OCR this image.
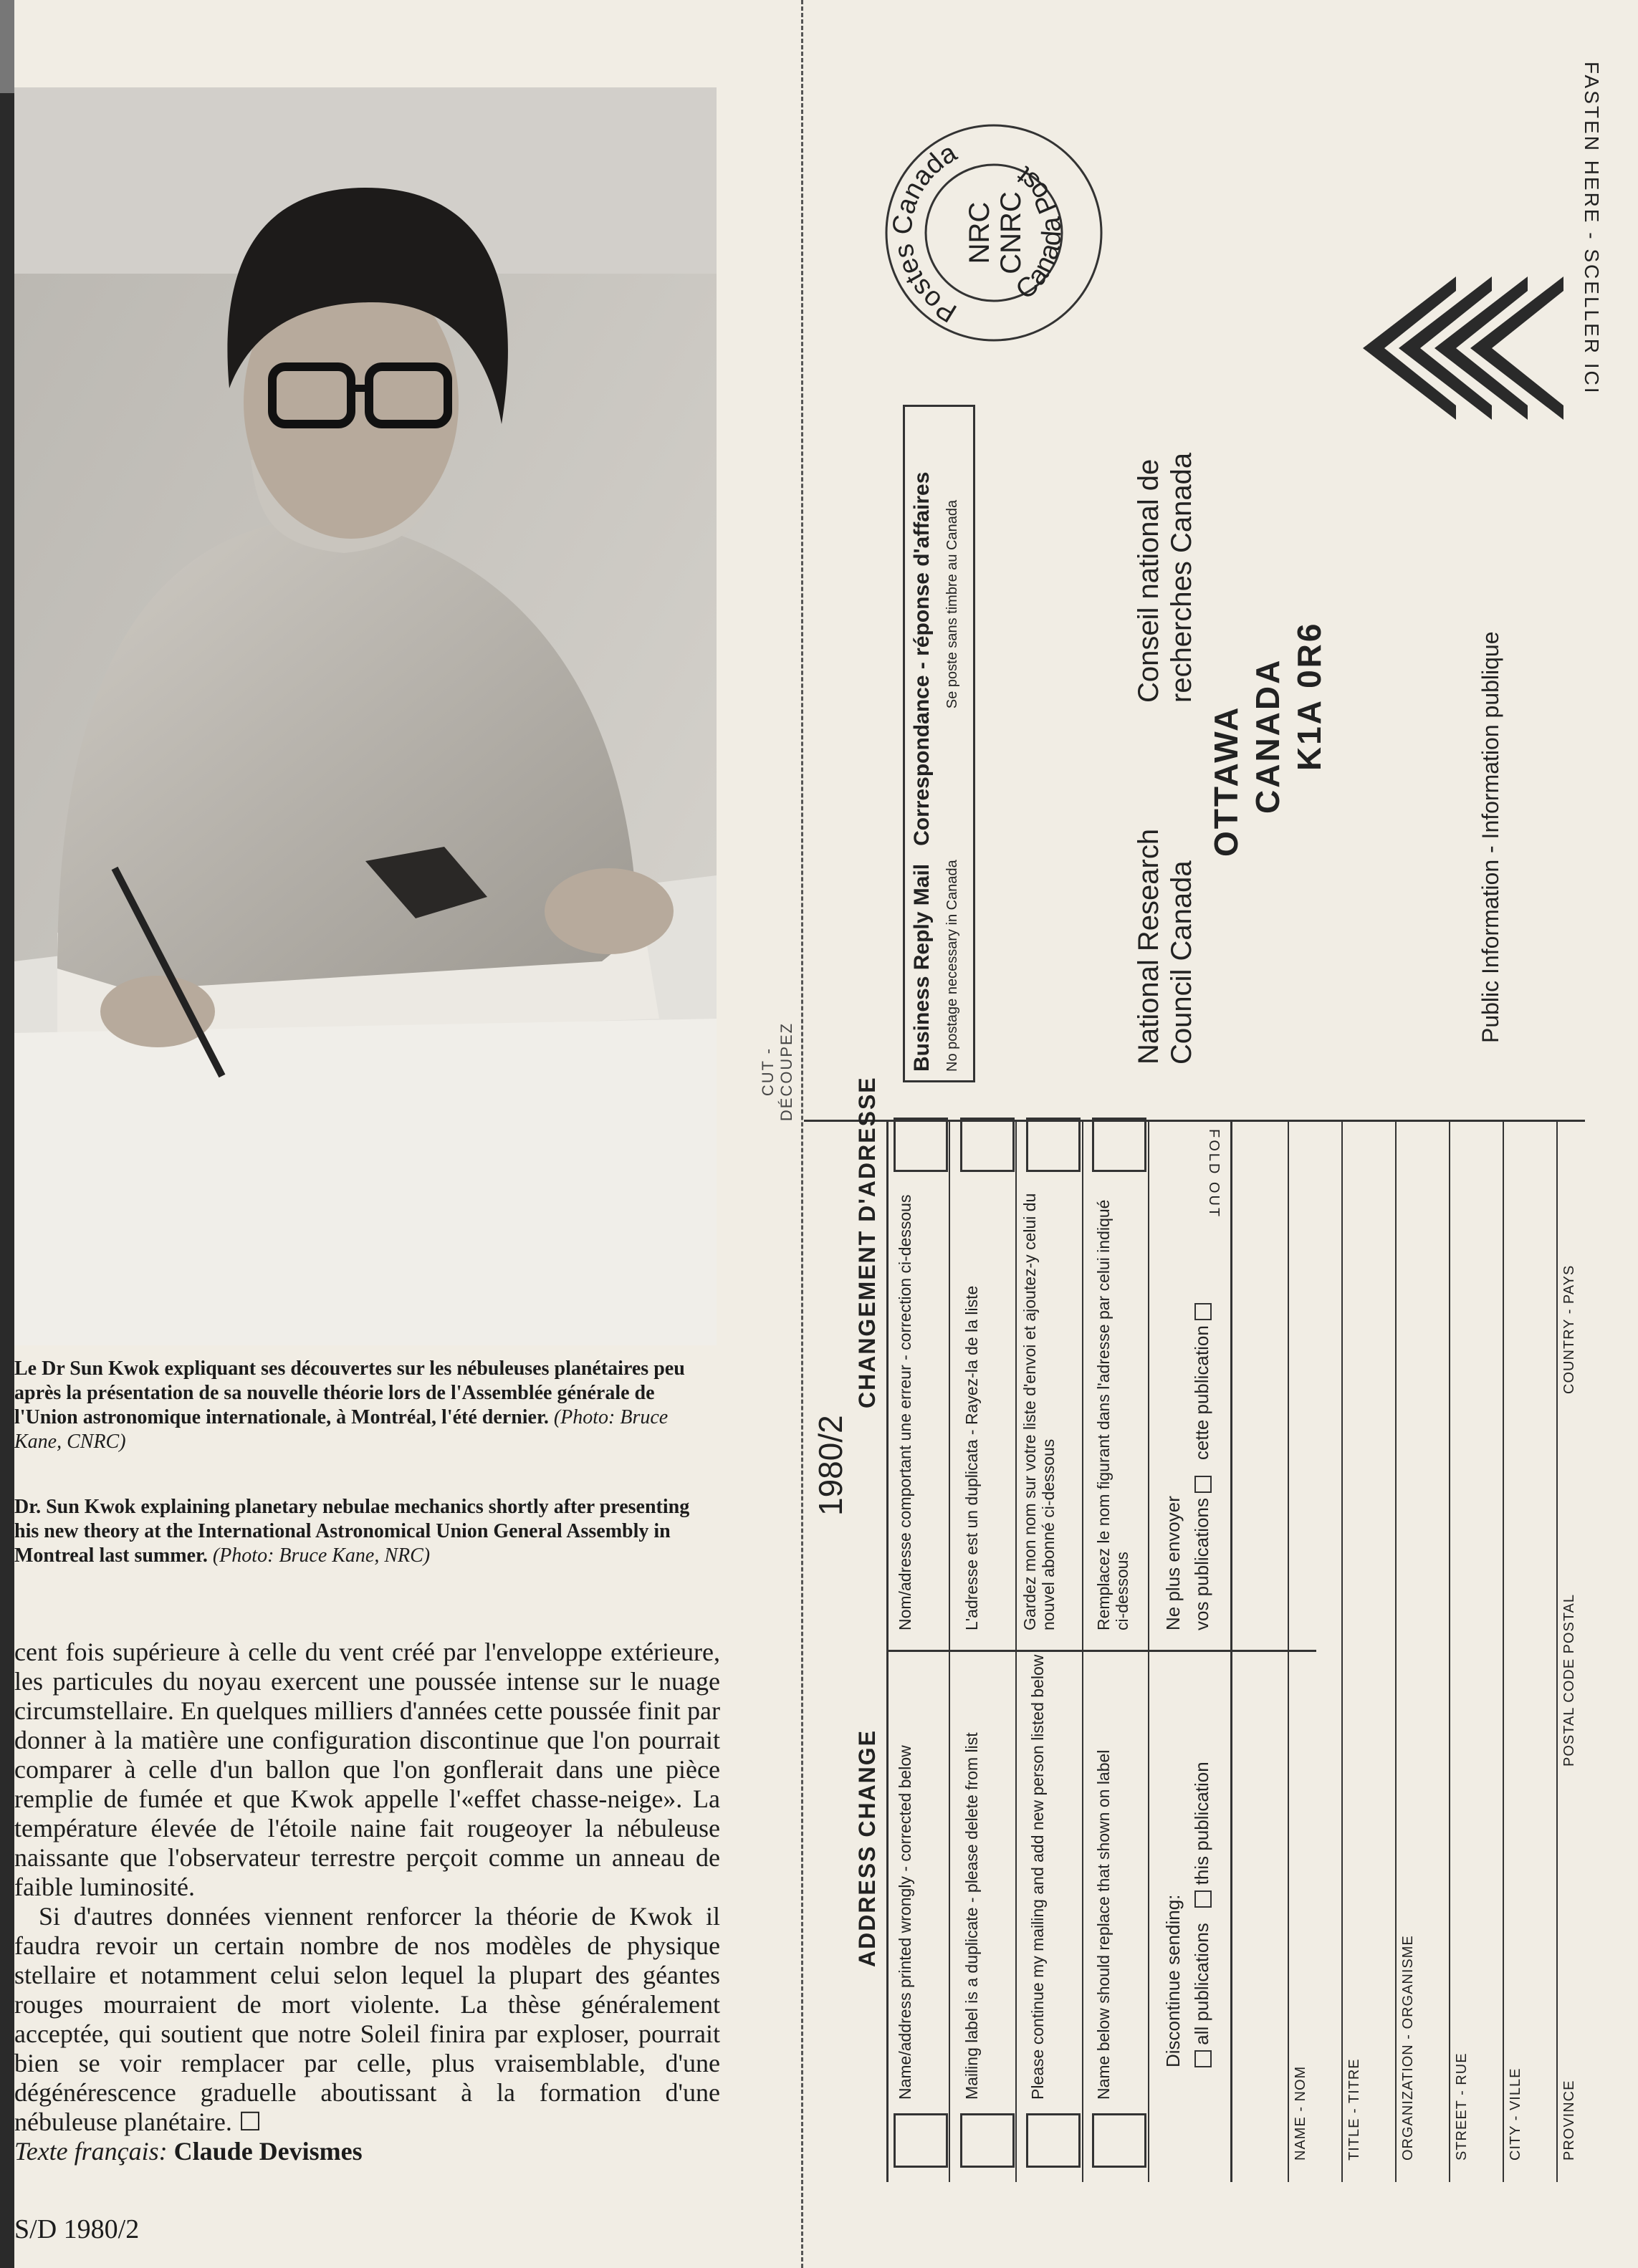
Le Dr Sun Kwok expliquant ses découvertes sur les nébuleuses planétaires peu après la présentation de sa nouvelle théorie lors de l'Assemblée générale de l'Union astronomique internationale, à Montréal, l'été dernier. (Photo: Bruce Kane, CNRC)
Dr. Sun Kwok explaining planetary nebulae mechanics shortly after presenting his new theory at the International Astronomical Union General Assembly in Montreal last summer. (Photo: Bruce Kane, NRC)

cent fois supérieure à celle du vent créé par l'enveloppe extérieure, les particules du noyau exercent une poussée intense sur le nuage circumstellaire. En quelques milliers d'années cette poussée finit par donner à la matière une configuration discontinue que l'on pourrait comparer à celle d'un ballon que l'on gonflerait dans une pièce remplie de fumée et que Kwok appelle l'«effet chasse-neige». La température élevée de l'étoile naine fait rougeoyer la nébuleuse naissante que l'observateur terrestre perçoit comme un anneau de faible luminosité.

Si d'autres données viennent renforcer la théorie de Kwok il faudra revoir un certain nombre de nos modèles de physique stellaire et notamment celui selon lequel la plupart des géantes rouges mourraient de mort violente. La thèse généralement acceptée, qui soutient que notre Soleil finira par exploser, pourrait bien se voir remplacer par celle, plus vraisemblable, d'une dégénérescence graduelle aboutissant à la formation d'une nébuleuse planétaire. ☐

Texte français: Claude Devismes

S/D 1980/2
CUT - DÉCOUPEZ
FASTEN HERE - SCELLER ICI
Postes Canada
Canada Post
NRC CNRC
Business Reply Mail   Correspondance - réponse d'affaires
No postage necessary in Canada  Se poste sans timbre au Canada
National Research Council Canada
Conseil national de recherches Canada
OTTAWA CANADA K1A 0R6	Public Information - Information publique
FOLD OUT
ADDRESS CHANGE
1980/2
CHANGEMENT D'ADRESSE
Name/address printed wrongly - corrected below
Nom/adresse comportant une erreur - correction ci-dessous
Mailing label is a duplicate - please delete from list
L'adresse est un duplicata - Rayez-la de la liste
Please continue my mailing and add new person listed below
Gardez mon nom sur votre liste d'envoi et ajoutez-y celui du nouvel abonné ci-dessous
Name below should replace that shown on label
Remplacez le nom figurant dans l'adresse par celui indiqué ci-dessous
Discontinue sending: all publications    this publication
Ne plus envoyer vos publications    cette publication
NAME - NOM	TITLE - TITRE	ORGANIZATION - ORGANISME	STREET - RUE	CITY - VILLE	PROVINCE
POSTAL CODE POSTAL
COUNTRY - PAYS
